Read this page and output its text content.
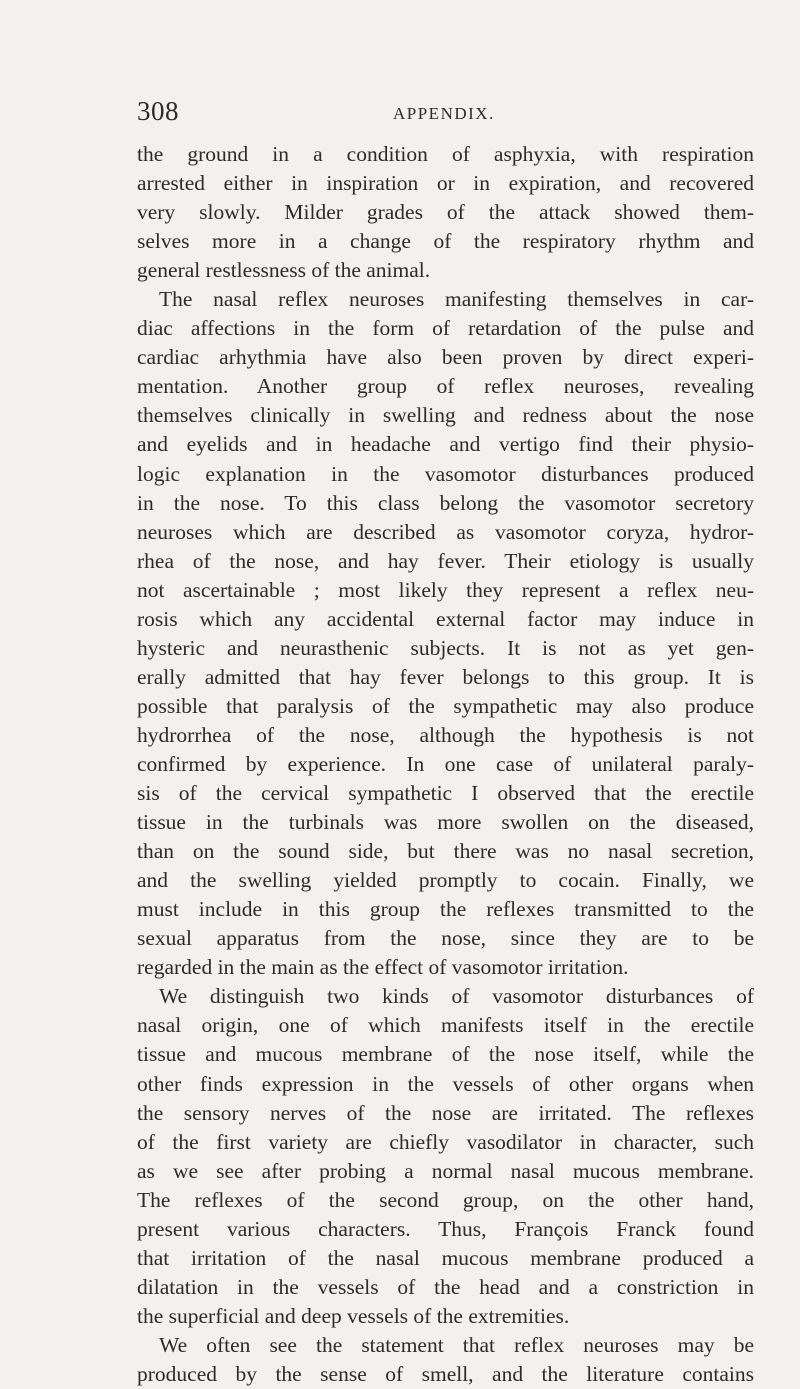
308	APPENDIX.
the ground in a condition of asphyxia, with respiration
arrested either in inspiration or in expiration, and recovered
very slowly. Milder grades of the attack showed them-
selves more in a change of the respiratory rhythm and
general restlessness of the animal.
The nasal reflex neuroses manifesting themselves in car-
diac affections in the form of retardation of the pulse and
cardiac arhythmia have also been proven by direct experi-
mentation. Another group of reflex neuroses, revealing
themselves clinically in swelling and redness about the nose
and eyelids and in headache and vertigo find their physio-
logic explanation in the vasomotor disturbances produced
in the nose. To this class belong the vasomotor secretory
neuroses which are described as vasomotor coryza, hydror-
rhea of the nose, and hay fever. Their etiology is usually
not ascertainable ; most likely they represent a reflex neu-
rosis which any accidental external factor may induce in
hysteric and neurasthenic subjects. It is not as yet gen-
erally admitted that hay fever belongs to this group. It is
possible that paralysis of the sympathetic may also produce
hydrorrhea of the nose, although the hypothesis is not
confirmed by experience. In one case of unilateral paraly-
sis of the cervical sympathetic I observed that the erectile
tissue in the turbinals was more swollen on the diseased,
than on the sound side, but there was no nasal secretion,
and the swelling yielded promptly to cocain. Finally, we
must include in this group the reflexes transmitted to the
sexual apparatus from the nose, since they are to be
regarded in the main as the effect of vasomotor irritation.
We distinguish two kinds of vasomotor disturbances of
nasal origin, one of which manifests itself in the erectile
tissue and mucous membrane of the nose itself, while the
other finds expression in the vessels of other organs when
the sensory nerves of the nose are irritated. The reflexes
of the first variety are chiefly vasodilator in character, such
as we see after probing a normal nasal mucous membrane.
The reflexes of the second group, on the other hand,
present various characters. Thus, François Franck found
that irritation of the nasal mucous membrane produced a
dilatation in the vessels of the head and a constriction in
the superficial and deep vessels of the extremities.
We often see the statement that reflex neuroses may be
produced by the sense of smell, and the literature contains
